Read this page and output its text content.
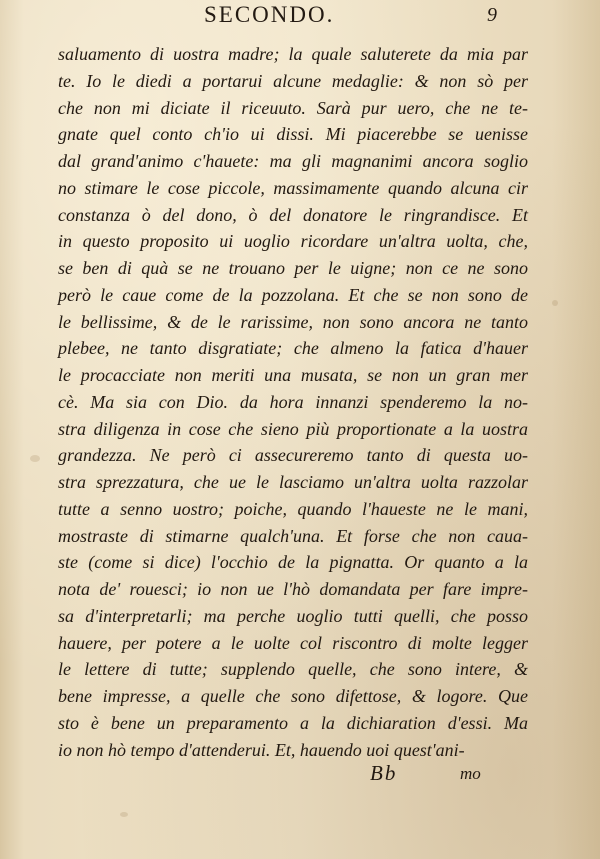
SECONDO.	9
saluamento di uostra madre; la quale saluterete da mia par
te. Io le diedi a portarui alcune medaglie: & non sò per
che non mi diciate il riceuuto. Sarà pur uero, che ne te-
gnate quel conto ch'io ui dissi. Mi piacerebbe se uenisse
dal grand'animo c'hauete: ma gli magnanimi ancora soglio
no stimare le cose piccole, massimamente quando alcuna cir
constanza ò del dono, ò del donatore le ringrandisce. Et
in questo proposito ui uoglio ricordare un'altra uolta, che,
se ben di quà se ne trouano per le uigne; non ce ne sono
però le caue come de la pozzolana. Et che se non sono de
le bellissime, & de le rarissime, non sono ancora ne tanto
plebee, ne tanto disgratiate; che almeno la fatica d'hauer
le procacciate non meriti una musata, se non un gran mer
cè. Ma sia con Dio. da hora innanzi spenderemo la no-
stra diligenza in cose che sieno più proportionate a la uostra
grandezza. Ne però ci assecureremo tanto di questa uo-
stra sprezzatura, che ue le lasciamo un'altra uolta razzolar
tutte a senno uostro; poiche, quando l'haueste ne le mani,
mostraste di stimarne qualch'una. Et forse che non caua-
ste (come si dice) l'occhio de la pignatta. Or quanto a la
nota de' rouesci; io non ue l'hò domandata per fare impre-
sa d'interpretarli; ma perche uoglio tutti quelli, che posso
hauere, per potere a le uolte col riscontro di molte legger
le lettere di tutte; supplendo quelle, che sono intere, &
bene impresse, a quelle che sono difettose, & logore. Que
sto è bene un preparamento a la dichiaration d'essi. Ma
io non hò tempo d'attenderui. Et, hauendo uoi quest'ani-
Bb	mo
